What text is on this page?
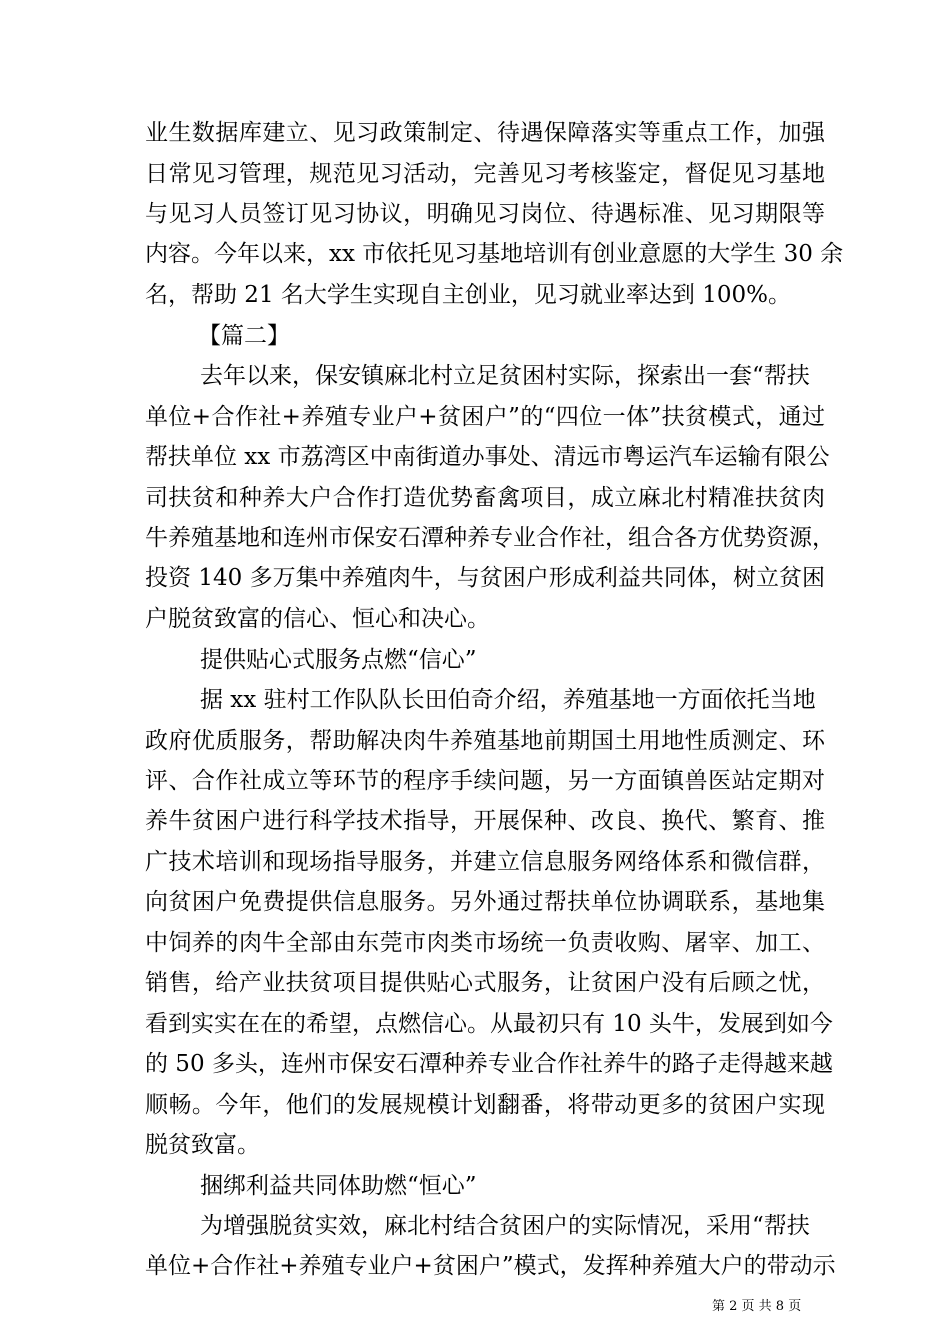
业生数据库建立、见习政策制定、待遇保障落实等重点工作，加强
日常见习管理，规范见习活动，完善见习考核鉴定，督促见习基地
与见习人员签订见习协议，明确见习岗位、待遇标准、见习期限等
内容。今年以来，xx 市依托见习基地培训有创业意愿的大学生 30 余
名，帮助 21 名大学生实现自主创业，见习就业率达到 100%。
【篇二】
去年以来，保安镇麻北村立足贫困村实际，探索出一套“帮扶
单位+合作社+养殖专业户+贫困户”的“四位一体”扶贫模式，通过
帮扶单位 xx 市荔湾区中南街道办事处、清远市粤运汽车运输有限公
司扶贫和种养大户合作打造优势畜禽项目，成立麻北村精准扶贫肉
牛养殖基地和连州市保安石潭种养专业合作社，组合各方优势资源，
投资 140 多万集中养殖肉牛，与贫困户形成利益共同体，树立贫困
户脱贫致富的信心、恒心和决心。
提供贴心式服务点燃“信心”
据 xx 驻村工作队队长田伯奇介绍，养殖基地一方面依托当地
政府优质服务，帮助解决肉牛养殖基地前期国土用地性质测定、环
评、合作社成立等环节的程序手续问题，另一方面镇兽医站定期对
养牛贫困户进行科学技术指导，开展保种、改良、换代、繁育、推
广技术培训和现场指导服务，并建立信息服务网络体系和微信群，
向贫困户免费提供信息服务。另外通过帮扶单位协调联系，基地集
中饲养的肉牛全部由东莞市肉类市场统一负责收购、屠宰、加工、
销售，给产业扶贫项目提供贴心式服务，让贫困户没有后顾之忧，
看到实实在在的希望，点燃信心。从最初只有 10 头牛，发展到如今
的 50 多头，连州市保安石潭种养专业合作社养牛的路子走得越来越
顺畅。今年，他们的发展规模计划翻番，将带动更多的贫困户实现
脱贫致富。
捆绑利益共同体助燃“恒心”
为增强脱贫实效，麻北村结合贫困户的实际情况，采用“帮扶
单位+合作社+养殖专业户+贫困户”模式，发挥种养殖大户的带动示
第 2 页 共 8 页
